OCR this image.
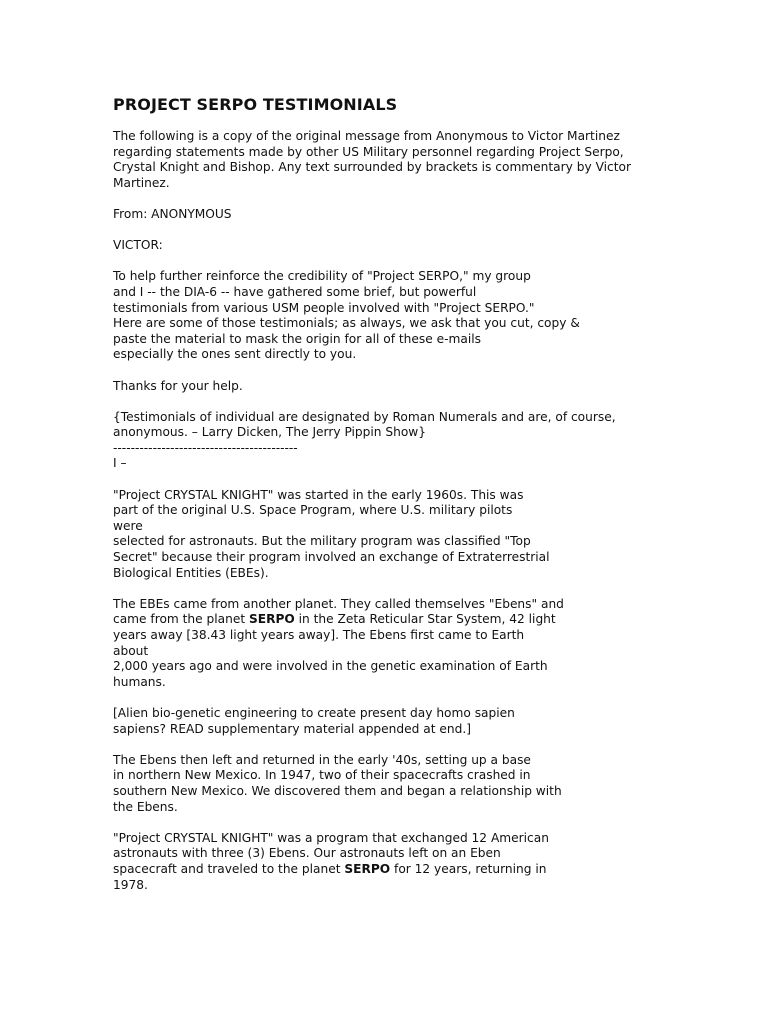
PROJECT SERPO TESTIMONIALS
The following is a copy of the original message from Anonymous to Victor Martinez
regarding statements made by other US Military personnel regarding Project Serpo,
Crystal Knight and Bishop. Any text surrounded by brackets is commentary by Victor
Martinez.
From: ANONYMOUS
VICTOR:
To help further reinforce the credibility of "Project SERPO," my group
and I -- the DIA-6 -- have gathered some brief, but powerful
testimonials from various USM people involved with "Project SERPO."
Here are some of those testimonials; as always, we ask that you cut, copy &
paste the material to mask the origin for all of these e-mails
especially the ones sent directly to you.
Thanks for your help.
{Testimonials of individual are designated by Roman Numerals and are, of course,
anonymous. – Larry Dicken, The Jerry Pippin Show}
------------------------------------------
I –
"Project CRYSTAL KNIGHT" was started in the early 1960s. This was
part of the original U.S. Space Program, where U.S. military pilots
were
selected for astronauts. But the military program was classified "Top
Secret" because their program involved an exchange of Extraterrestrial
Biological Entities (EBEs).
The EBEs came from another planet. They called themselves "Ebens" and
came from the planet SERPO in the Zeta Reticular Star System, 42 light
years away [38.43 light years away]. The Ebens first came to Earth
about
2,000 years ago and were involved in the genetic examination of Earth
humans.
[Alien bio-genetic engineering to create present day homo sapien
sapiens? READ supplementary material appended at end.]
The Ebens then left and returned in the early '40s, setting up a base
in northern New Mexico. In 1947, two of their spacecrafts crashed in
southern New Mexico. We discovered them and began a relationship with
the Ebens.
"Project CRYSTAL KNIGHT" was a program that exchanged 12 American
astronauts with three (3) Ebens. Our astronauts left on an Eben
spacecraft and traveled to the planet SERPO for 12 years, returning in
1978.
